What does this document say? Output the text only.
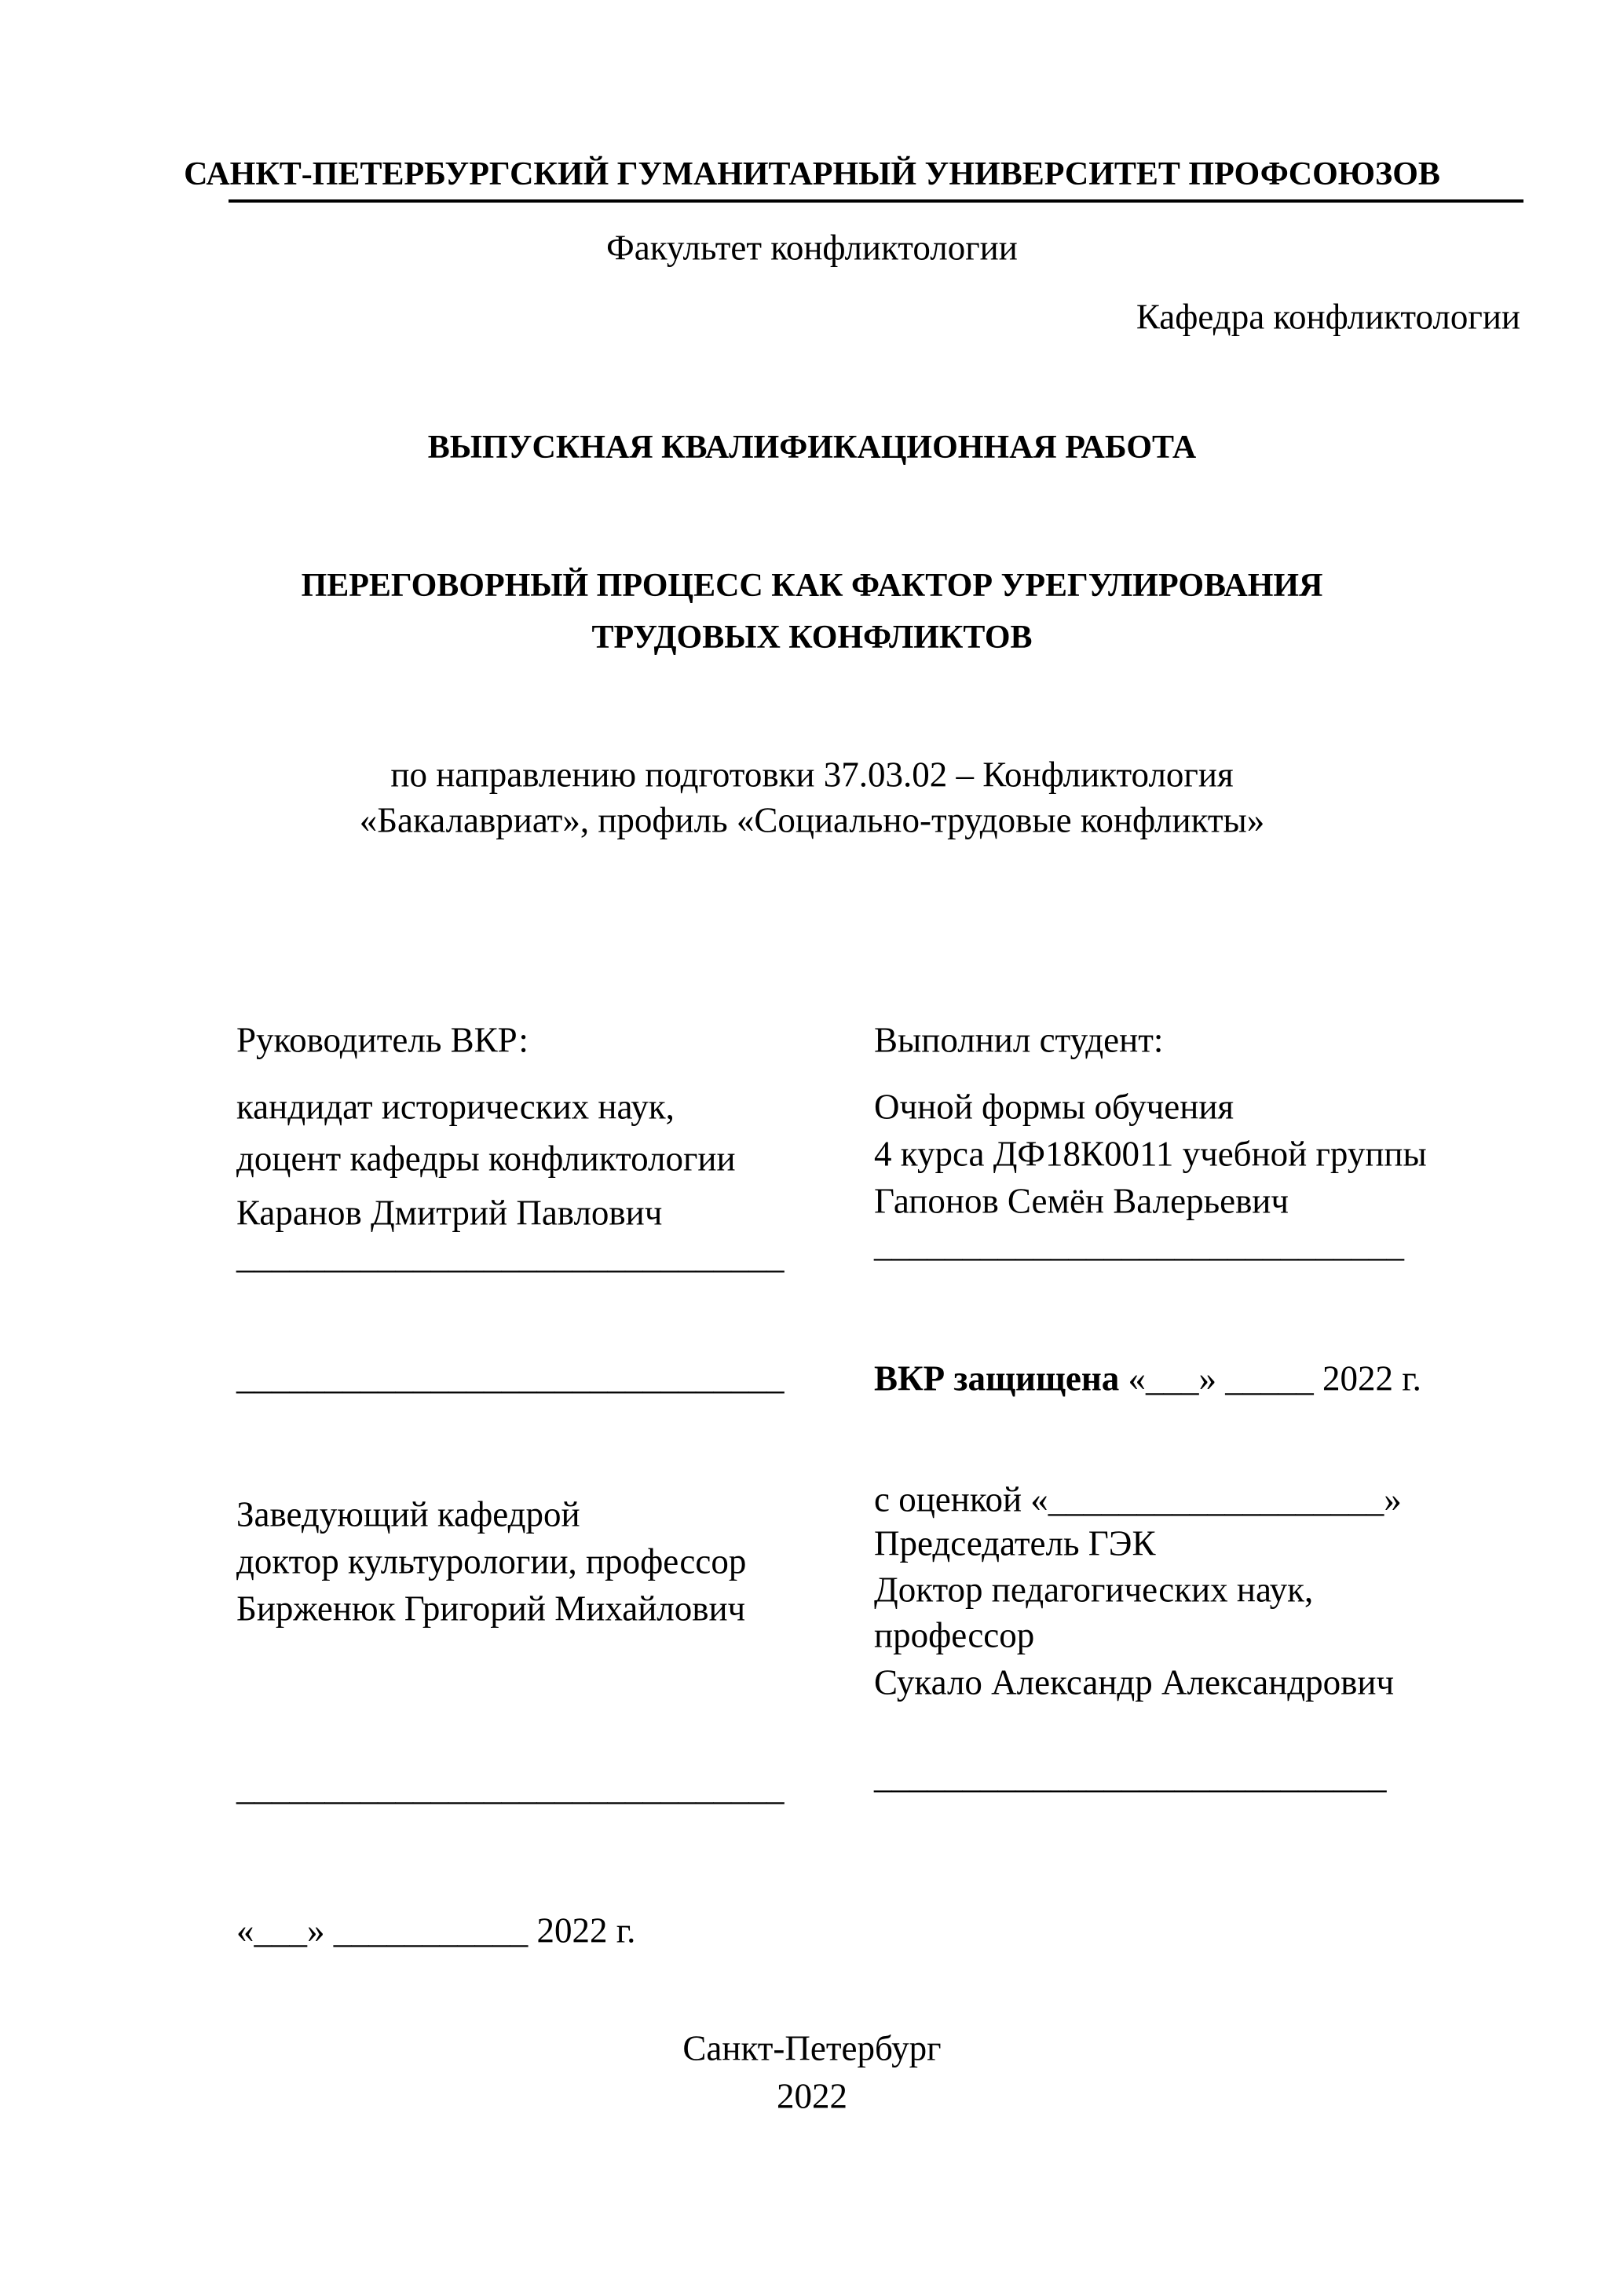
САНКТ-ПЕТЕРБУРГСКИЙ ГУМАНИТАРНЫЙ УНИВЕРСИТЕТ ПРОФСОЮЗОВ
Факультет конфликтологии
Кафедра конфликтологии
ВЫПУСКНАЯ КВАЛИФИКАЦИОННАЯ РАБОТА
ПЕРЕГОВОРНЫЙ ПРОЦЕСС КАК ФАКТОР УРЕГУЛИРОВАНИЯ
ТРУДОВЫХ КОНФЛИКТОВ
по направлению подготовки 37.03.02 – Конфликтология
«Бакалавриат», профиль «Социально-трудовые конфликты»
Руководитель ВКР:
кандидат исторических наук,
доцент кафедры конфликтологии
Каранов Дмитрий Павлович
_______________________________
_______________________________
Выполнил студент:
Очной формы обучения
4 курса ДФ18К0011 учебной группы
Гапонов Семён Валерьевич
______________________________
ВКР защищена «___» _____ 2022 г.
Заведующий кафедрой
доктор культурологии, профессор
Бирженюк Григорий Михайлович
_______________________________
с оценкой «___________________»
Председатель ГЭК
Доктор педагогических наук,
профессор
Сукало Александр Александрович
_____________________________
«___» ___________ 2022 г.
Санкт-Петербург
2022
